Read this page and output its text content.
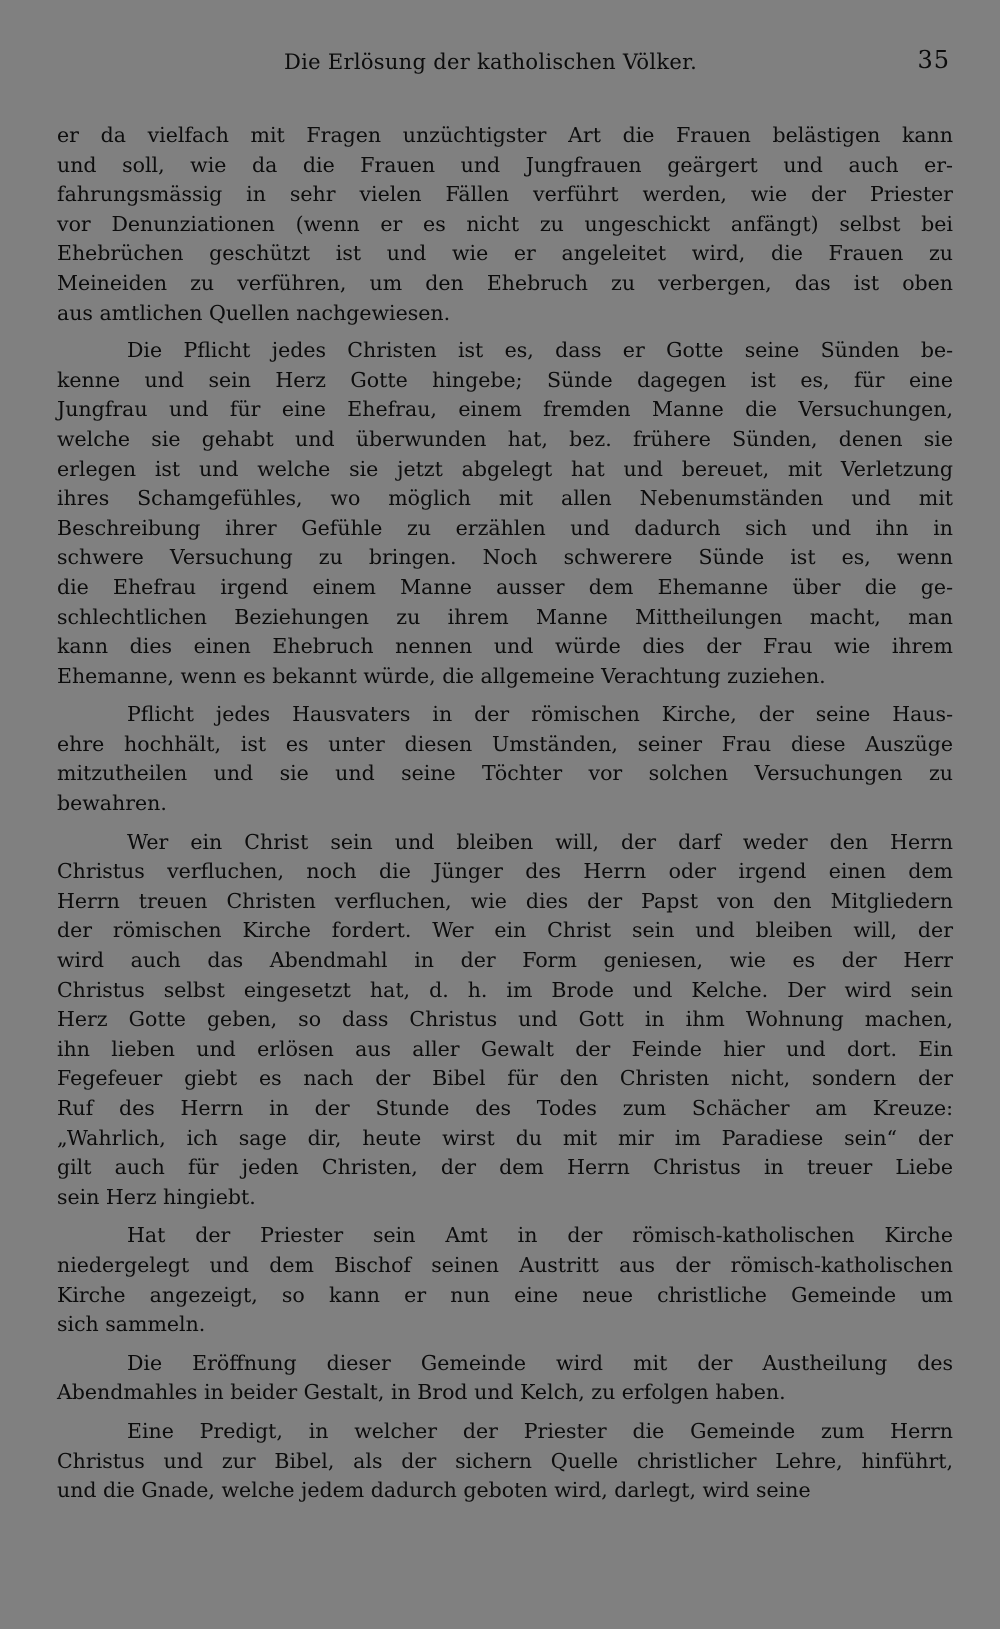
Die Erlösung der katholischen Völker.	35
er da vielfach mit Fragen unzüchtigster Art die Frauen belästigen kann
und soll, wie da die Frauen und Jungfrauen geärgert und auch er-
fahrungsmässig in sehr vielen Fällen verführt werden, wie der Priester
vor Denunziationen (wenn er es nicht zu ungeschickt anfängt) selbst bei
Ehebrüchen geschützt ist und wie er angeleitet wird, die Frauen zu
Meineiden zu verführen, um den Ehebruch zu verbergen, das ist oben
aus amtlichen Quellen nachgewiesen.
Die Pflicht jedes Christen ist es, dass er Gotte seine Sünden be-
kenne und sein Herz Gotte hingebe; Sünde dagegen ist es, für eine
Jungfrau und für eine Ehefrau, einem fremden Manne die Versuchungen,
welche sie gehabt und überwunden hat, bez. frühere Sünden, denen sie
erlegen ist und welche sie jetzt abgelegt hat und bereuet, mit Verletzung
ihres Schamgefühles, wo möglich mit allen Nebenumständen und mit
Beschreibung ihrer Gefühle zu erzählen und dadurch sich und ihn in
schwere Versuchung zu bringen. Noch schwerere Sünde ist es, wenn
die Ehefrau irgend einem Manne ausser dem Ehemanne über die ge-
schlechtlichen Beziehungen zu ihrem Manne Mittheilungen macht, man
kann dies einen Ehebruch nennen und würde dies der Frau wie ihrem
Ehemanne, wenn es bekannt würde, die allgemeine Verachtung zuziehen.
Pflicht jedes Hausvaters in der römischen Kirche, der seine Haus-
ehre hochhält, ist es unter diesen Umständen, seiner Frau diese Auszüge
mitzutheilen und sie und seine Töchter vor solchen Versuchungen zu
bewahren.
Wer ein Christ sein und bleiben will, der darf weder den Herrn
Christus verfluchen, noch die Jünger des Herrn oder irgend einen dem
Herrn treuen Christen verfluchen, wie dies der Papst von den Mitgliedern
der römischen Kirche fordert. Wer ein Christ sein und bleiben will, der
wird auch das Abendmahl in der Form geniesen, wie es der Herr
Christus selbst eingesetzt hat, d. h. im Brode und Kelche. Der wird sein
Herz Gotte geben, so dass Christus und Gott in ihm Wohnung machen,
ihn lieben und erlösen aus aller Gewalt der Feinde hier und dort. Ein
Fegefeuer giebt es nach der Bibel für den Christen nicht, sondern der
Ruf des Herrn in der Stunde des Todes zum Schächer am Kreuze:
„Wahrlich, ich sage dir, heute wirst du mit mir im Paradiese sein“ der
gilt auch für jeden Christen, der dem Herrn Christus in treuer Liebe
sein Herz hingiebt.
Hat der Priester sein Amt in der römisch-katholischen Kirche
niedergelegt und dem Bischof seinen Austritt aus der römisch-katholischen
Kirche angezeigt, so kann er nun eine neue christliche Gemeinde um
sich sammeln.
Die Eröffnung dieser Gemeinde wird mit der Austheilung des
Abendmahles in beider Gestalt, in Brod und Kelch, zu erfolgen haben.
Eine Predigt, in welcher der Priester die Gemeinde zum Herrn
Christus und zur Bibel, als der sichern Quelle christlicher Lehre, hinführt,
und die Gnade, welche jedem dadurch geboten wird, darlegt, wird seine
